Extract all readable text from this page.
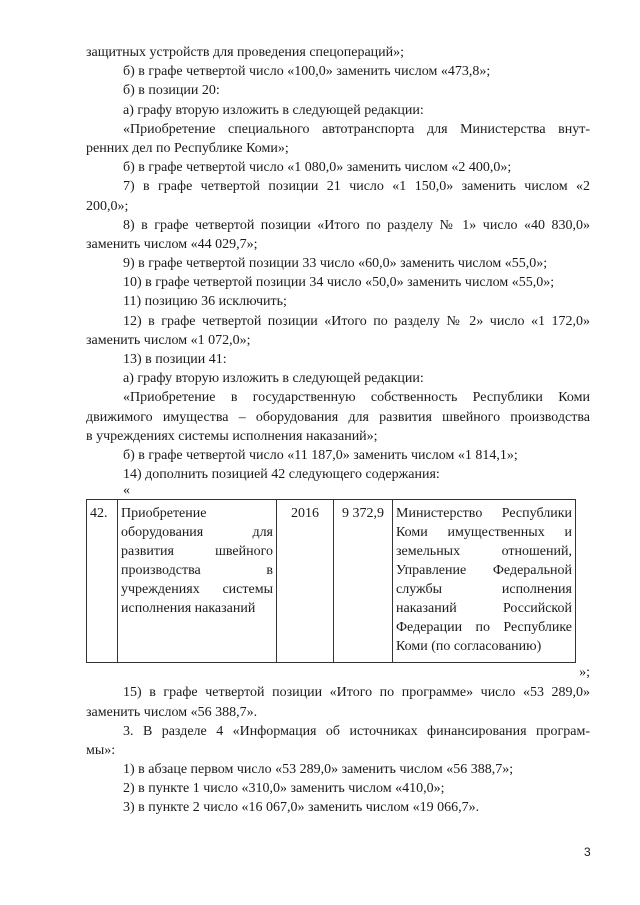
защитных устройств для проведения спецопераций»;
б) в графе четвертой число «100,0» заменить числом «473,8»;
б) в позиции 20:
а) графу вторую изложить в следующей редакции:
«Приобретение специального автотранспорта для Министерства внут-
ренних дел по Республике Коми»;
б) в графе четвертой число «1 080,0» заменить числом «2 400,0»;
7) в графе четвертой позиции 21 число «1 150,0» заменить числом «2
200,0»;
8) в графе четвертой позиции «Итого по разделу № 1» число «40 830,0»
заменить числом «44 029,7»;
9) в графе четвертой позиции 33 число «60,0» заменить числом «55,0»;
10) в графе четвертой позиции 34 число «50,0» заменить числом «55,0»;
11) позицию 36 исключить;
12) в графе четвертой позиции «Итого по разделу № 2» число «1 172,0»
заменить числом «1 072,0»;
13) в позиции 41:
а) графу вторую изложить в следующей редакции:
«Приобретение в государственную собственность Республики Коми
движимого имущества – оборудования для развития швейного производства
в учреждениях системы исполнения наказаний»;
б) в графе четвертой число «11 187,0» заменить числом «1 814,1»;
14) дополнить позицией 42 следующего содержания:
«
42.	Приобретение оборудования для развития швейного производства в учреждениях системы исполнения наказаний	2016	9 372,9	Министерство Республики Коми имущественных и земельных отношений, Управление Федеральной службы исполнения наказаний Российской Федерации по Республике Коми (по согласованию)
»;
15) в графе четвертой позиции «Итого по программе» число «53 289,0»
заменить числом «56 388,7».
3. В разделе 4 «Информация об источниках финансирования програм-
мы»:
1) в абзаце первом число «53 289,0» заменить числом «56 388,7»;
2) в пункте 1 число «310,0» заменить числом «410,0»;
3) в пункте 2 число «16 067,0» заменить числом «19 066,7».
3
